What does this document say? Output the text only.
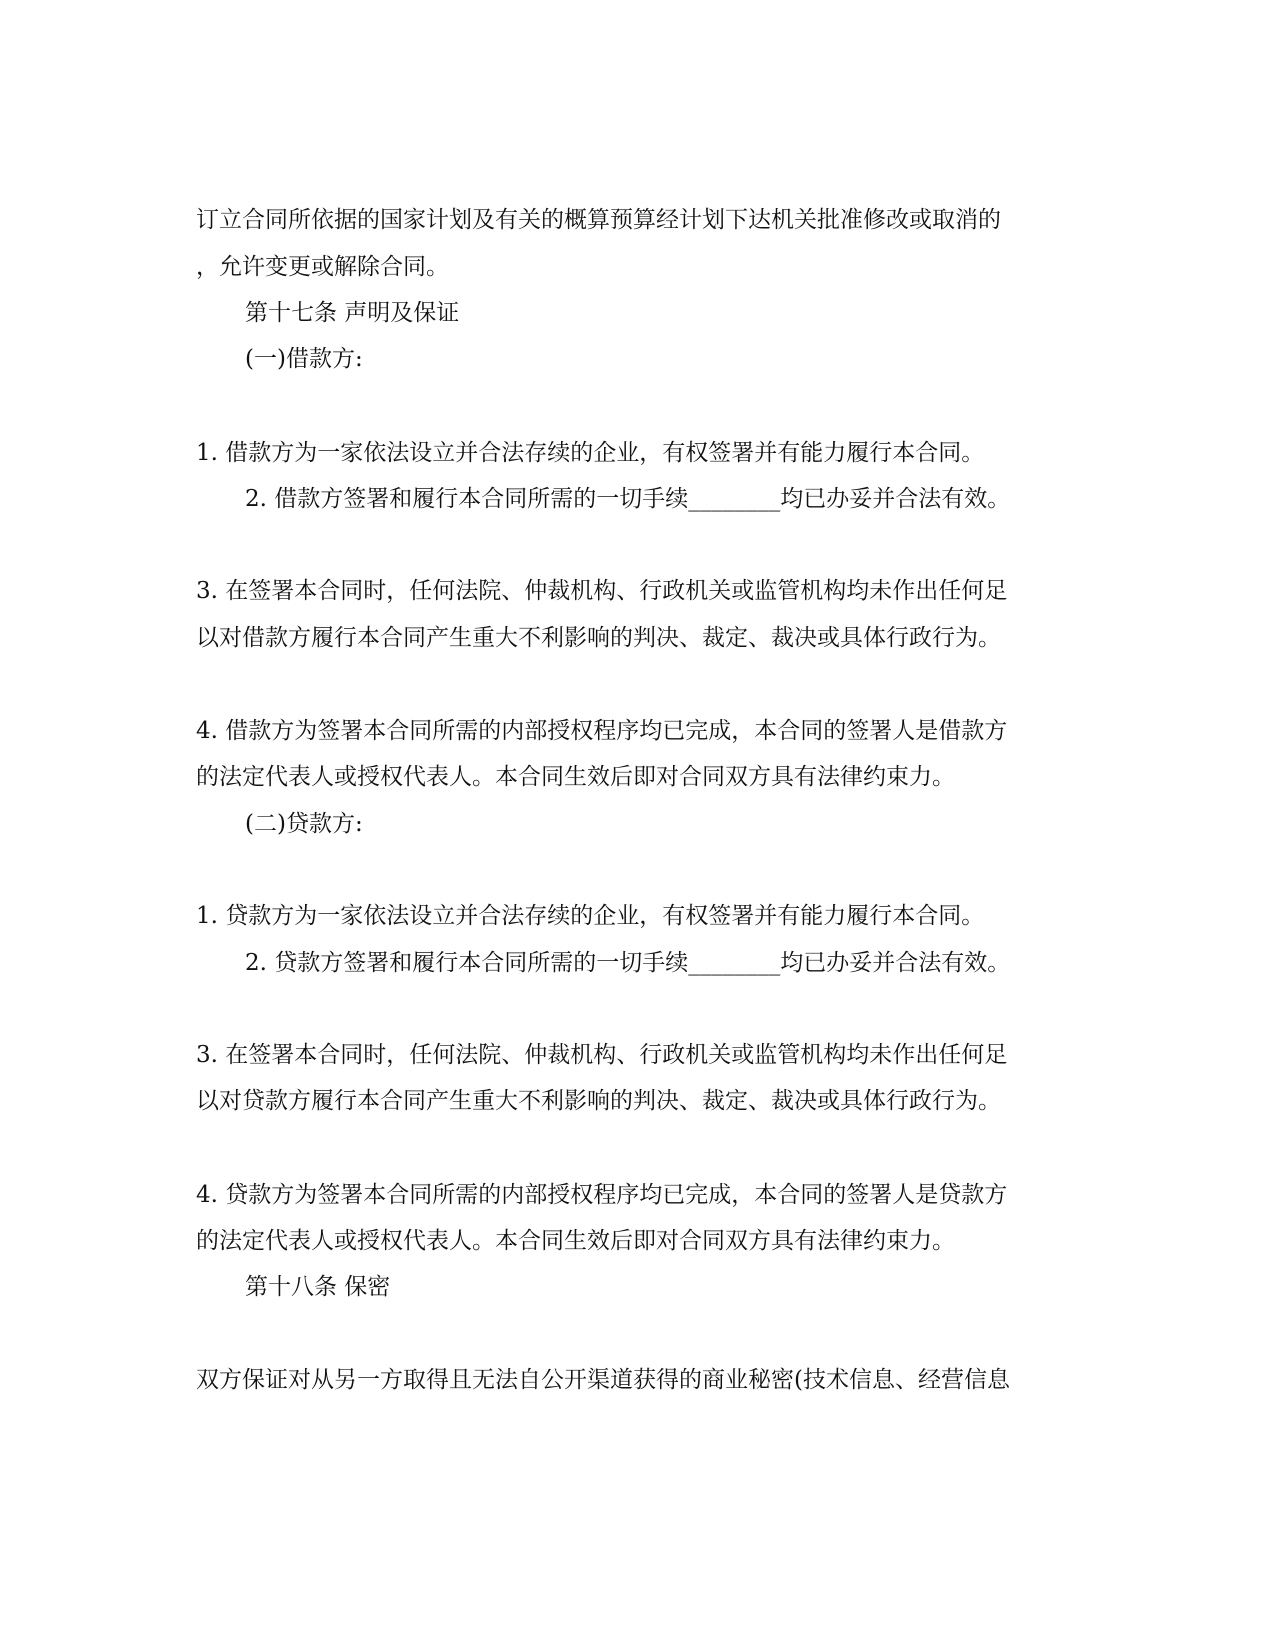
订立合同所依据的国家计划及有关的概算预算经计划下达机关批准修改或取消的

，允许变更或解除合同。

第十七条 声明及保证

(一)借款方:

1. 借款方为一家依法设立并合法存续的企业，有权签署并有能力履行本合同。

2. 借款方签署和履行本合同所需的一切手续________均已办妥并合法有效。

3. 在签署本合同时，任何法院、仲裁机构、行政机关或监管机构均未作出任何足

以对借款方履行本合同产生重大不利影响的判决、裁定、裁决或具体行政行为。

4. 借款方为签署本合同所需的内部授权程序均已完成，本合同的签署人是借款方

的法定代表人或授权代表人。本合同生效后即对合同双方具有法律约束力。

(二)贷款方:

1. 贷款方为一家依法设立并合法存续的企业，有权签署并有能力履行本合同。

2. 贷款方签署和履行本合同所需的一切手续________均已办妥并合法有效。

3. 在签署本合同时，任何法院、仲裁机构、行政机关或监管机构均未作出任何足

以对贷款方履行本合同产生重大不利影响的判决、裁定、裁决或具体行政行为。

4. 贷款方为签署本合同所需的内部授权程序均已完成，本合同的签署人是贷款方

的法定代表人或授权代表人。本合同生效后即对合同双方具有法律约束力。

第十八条 保密

双方保证对从另一方取得且无法自公开渠道获得的商业秘密(技术信息、经营信息
